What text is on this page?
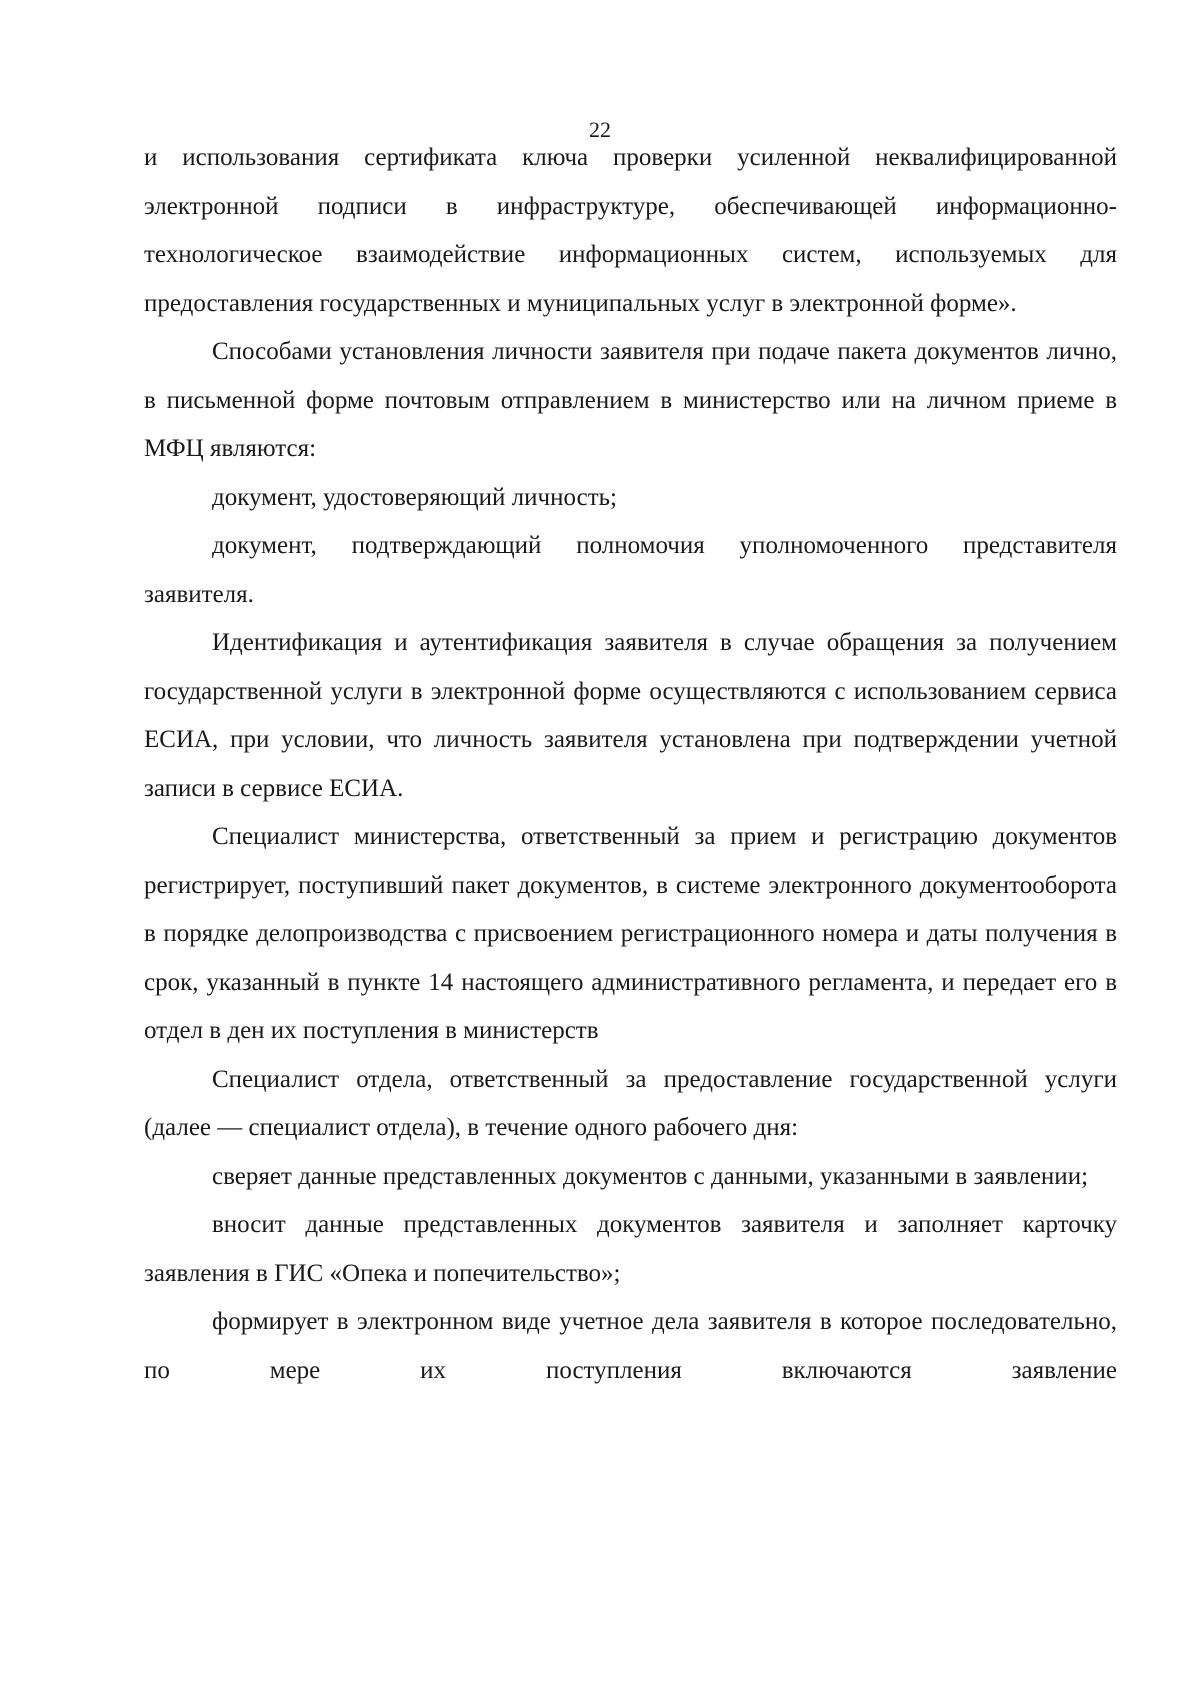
22

и использования сертификата ключа проверки усиленной неквалифицированной электронной подписи в инфраструктуре, обеспечивающей информационно-технологическое взаимодействие информационных систем, используемых для предоставления государственных и муниципальных услуг в электронной форме».

Способами установления личности заявителя при подаче пакета документов лично, в письменной форме почтовым отправлением в министерство или на личном приеме в МФЦ являются:

документ, удостоверяющий личность;

документ, подтверждающий полномочия уполномоченного представителя заявителя.

Идентификация и аутентификация заявителя в случае обращения за получением государственной услуги в электронной форме осуществляются с использованием сервиса ЕСИА, при условии, что личность заявителя установлена при подтверждении учетной записи в сервисе ЕСИА.

Специалист министерства, ответственный за прием и регистрацию документов регистрирует, поступивший пакет документов, в системе электронного документооборота в порядке делопроизводства с присвоением регистрационного номера и даты получения в срок, указанный в пункте 14 настоящего административного регламента, и передает его в отдел в ден их поступления в министерств

Специалист отдела, ответственный за предоставление государственной услуги (далее — специалист отдела), в течение одного рабочего дня:

сверяет данные представленных документов с данными, указанными в заявлении;

вносит данные представленных документов заявителя и заполняет карточку заявления в ГИС «Опека и попечительство»;

формирует в электронном виде учетное дела заявителя в которое последовательно, по мере их поступления включаются заявление
